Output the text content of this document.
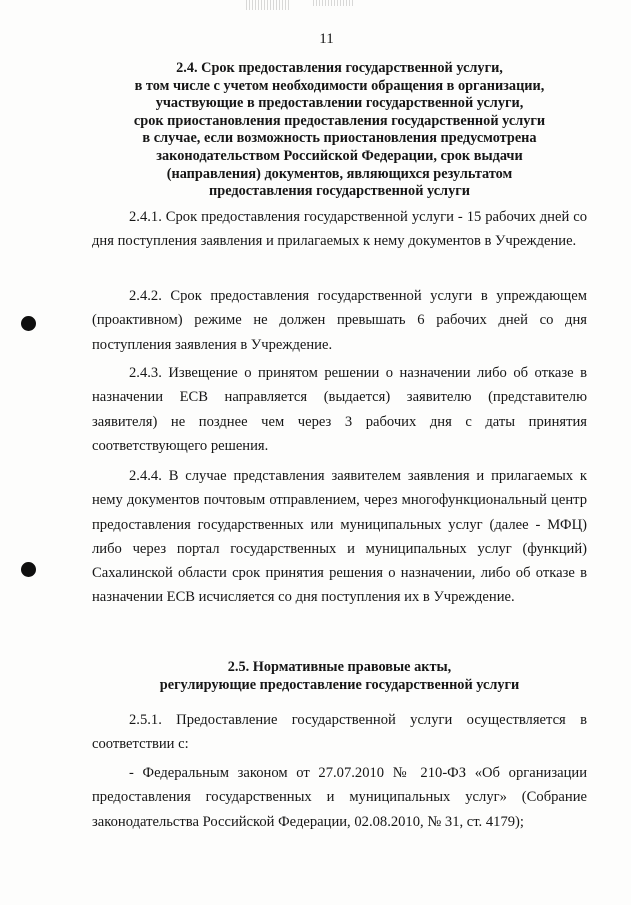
11
2.4. Срок предоставления государственной услуги,
в том числе с учетом необходимости обращения в организации,
участвующие в предоставлении государственной услуги,
срок приостановления предоставления государственной услуги
в случае, если возможность приостановления предусмотрена
законодательством Российской Федерации, срок выдачи
(направления) документов, являющихся результатом
предоставления государственной услуги

2.4.1. Срок предоставления государственной услуги - 15 рабочих дней со дня поступления заявления и прилагаемых к нему документов в Учреждение.

2.4.2. Срок предоставления государственной услуги в упреждающем (проактивном) режиме не должен превышать 6 рабочих дней со дня поступления заявления в Учреждение.

2.4.3. Извещение о принятом решении о назначении либо об отказе в назначении ЕСВ направляется (выдается) заявителю (представителю заявителя) не позднее чем через 3 рабочих дня с даты принятия соответствующего решения.

2.4.4. В случае представления заявителем заявления и прилагаемых к нему документов почтовым отправлением, через многофункциональный центр предоставления государственных или муниципальных услуг (далее - МФЦ) либо через портал государственных и муниципальных услуг (функций) Сахалинской области срок принятия решения о назначении, либо об отказе в назначении ЕСВ исчисляется со дня поступления их в Учреждение.

2.5. Нормативные правовые акты,
регулирующие предоставление государственной услуги

2.5.1. Предоставление государственной услуги осуществляется в соответствии с:

- Федеральным законом от 27.07.2010 № 210-ФЗ «Об организации предоставления государственных и муниципальных услуг» (Собрание законодательства Российской Федерации, 02.08.2010, № 31, ст. 4179);
